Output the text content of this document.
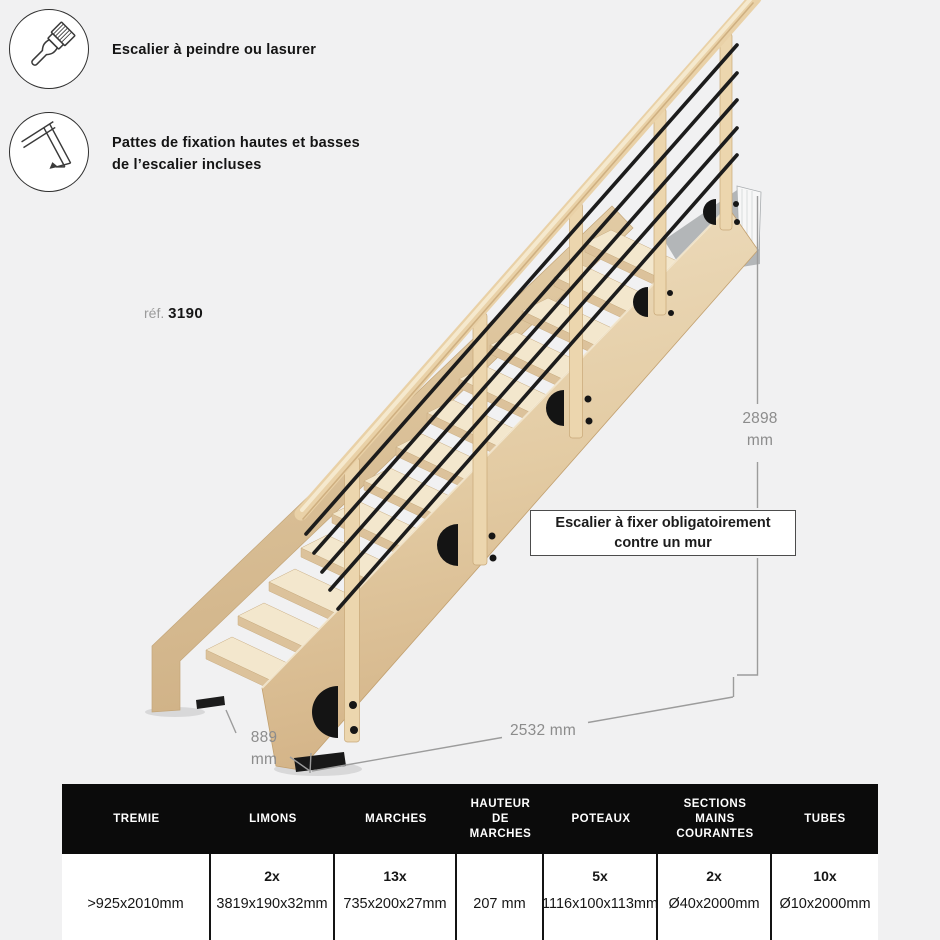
Escalier à peindre ou lasurer
Pattes de fixation hautes et basses
de l’escalier incluses
réf. 3190
2898
mm
889
mm
2532 mm
Escalier à fixer obligatoirement
contre un mur
TREMIE	LIMONS	MARCHES
HAUTEUR DE MARCHES
POTEAUX
SECTIONS MAINS COURANTES
TUBES
>925x2010mm
2x
3819x190x32mm
13x
735x200x27mm 207 mm
5x
1116x100x113mm
2x
Ø40x2000mm
10x
Ø10x2000mm
